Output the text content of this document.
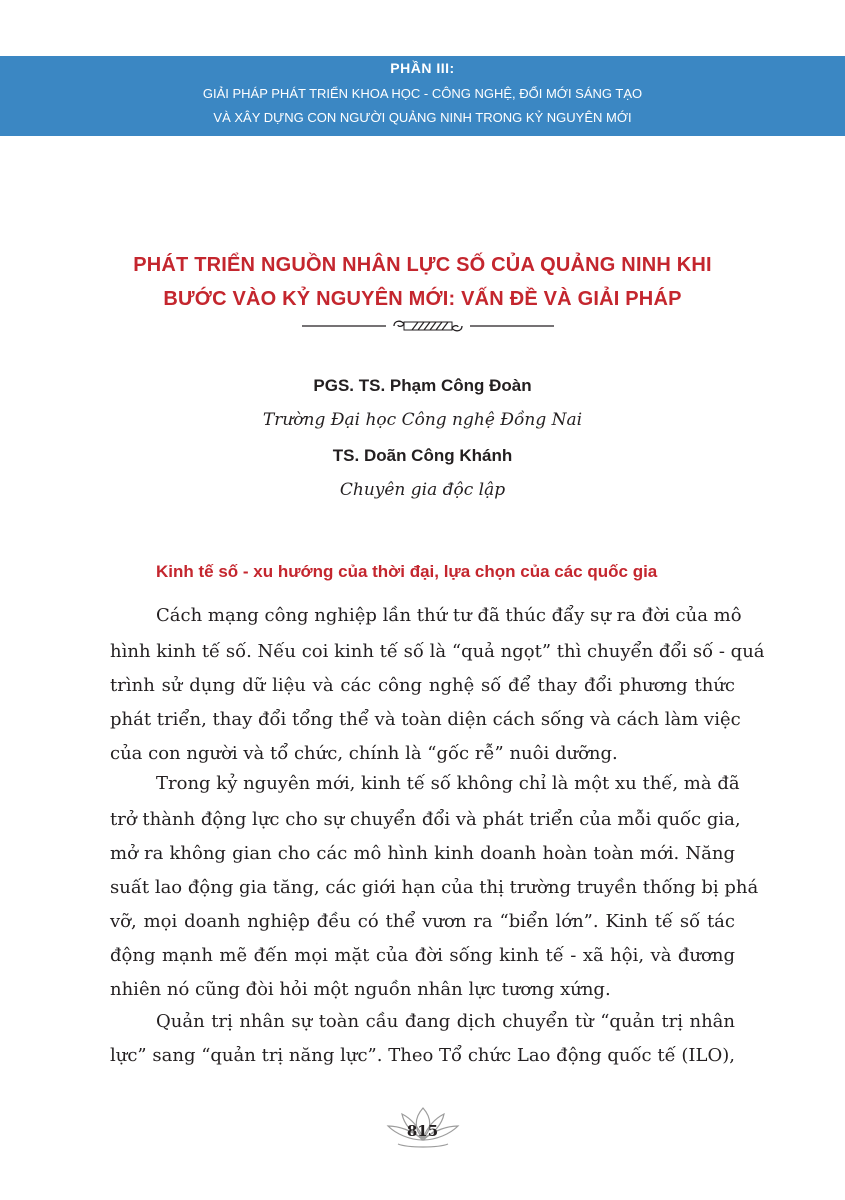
PHẦN III:
GIẢI PHÁP PHÁT TRIỂN KHOA HỌC - CÔNG NGHỆ, ĐỔI MỚI SÁNG TẠO
VÀ XÂY DỰNG CON NGƯỜI QUẢNG NINH TRONG KỶ NGUYÊN MỚI
PHÁT TRIỂN NGUỒN NHÂN LỰC SỐ CỦA QUẢNG NINH KHI
BƯỚC VÀO KỶ NGUYÊN MỚI: VẤN ĐỀ VÀ GIẢI PHÁP
PGS. TS. Phạm Công Đoàn
Trường Đại học Công nghệ Đồng Nai
TS. Doãn Công Khánh
Chuyên gia độc lập
Kinh tế số - xu hướng của thời đại, lựa chọn của các quốc gia
Cách mạng công nghiệp lần thứ tư đã thúc đẩy sự ra đời của mô
hình kinh tế số. Nếu coi kinh tế số là “quả ngọt” thì chuyển đổi số - quá
trình sử dụng dữ liệu và các công nghệ số để thay đổi phương thức
phát triển, thay đổi tổng thể và toàn diện cách sống và cách làm việc
của con người và tổ chức, chính là “gốc rễ” nuôi dưỡng.
Trong kỷ nguyên mới, kinh tế số không chỉ là một xu thế, mà đã
trở thành động lực cho sự chuyển đổi và phát triển của mỗi quốc gia,
mở ra không gian cho các mô hình kinh doanh hoàn toàn mới. Năng
suất lao động gia tăng, các giới hạn của thị trường truyền thống bị phá
vỡ, mọi doanh nghiệp đều có thể vươn ra “biển lớn”. Kinh tế số tác
động mạnh mẽ đến mọi mặt của đời sống kinh tế - xã hội, và đương
nhiên nó cũng đòi hỏi một nguồn nhân lực tương xứng.
Quản trị nhân sự toàn cầu đang dịch chuyển từ “quản trị nhân
lực” sang “quản trị năng lực”. Theo Tổ chức Lao động quốc tế (ILO),
815
